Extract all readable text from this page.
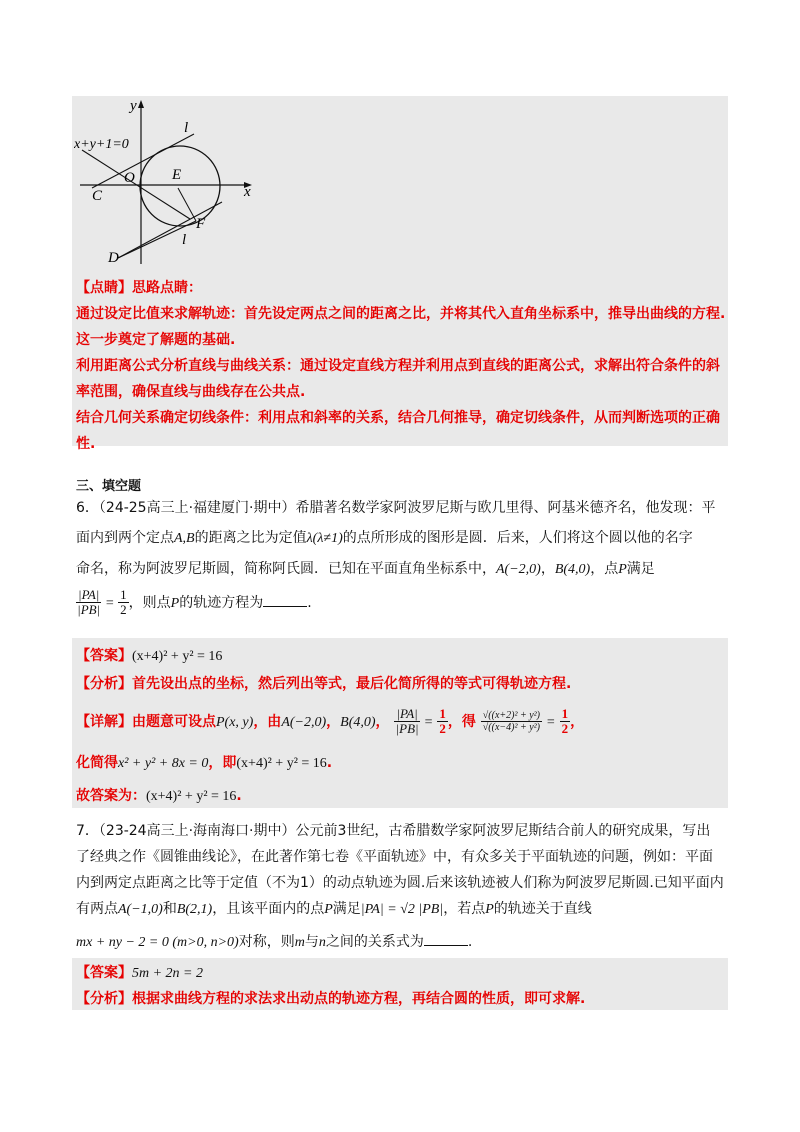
y
x+y+1=0
O
C
E
x
l
F
l
D
【点睛】思路点睛：
通过设定比值来求解轨迹：首先设定两点之间的距离之比，并将其代入直角坐标系中，推导出曲线的方程.
这一步奠定了解题的基础.
利用距离公式分析直线与曲线关系：通过设定直线方程并利用点到直线的距离公式，求解出符合条件的斜
率范围，确保直线与曲线存在公共点.
结合几何关系确定切线条件：利用点和斜率的关系，结合几何推导，确定切线条件，从而判断选项的正确
性.
三、填空题
6．（24-25高三上·福建厦门·期中）希腊著名数学家阿波罗尼斯与欧几里得、阿基米德齐名，他发现：平
面内到两个定点A,B的距离之比为定值λ(λ≠1)的点所形成的图形是圆．后来，人们将这个圆以他的名字
命名，称为阿波罗尼斯圆，简称阿氏圆．已知在平面直角坐标系中，A(−2,0)，B(4,0)，点P满足
$\frac{|PA|}{|PB|} = \frac{1}{2}$ ，则点P的轨迹方程为	.
【答案】(x+4)² + y² = 16
【分析】首先设出点的坐标，然后列出等式，最后化简所得的等式可得轨迹方程.
【详解】由题意可设点P(x, y)，由A(−2,0)，B(4,0)， $\frac{|PA|}{|PB|} = \frac{1}{2}$ ，得 $\frac{\text{√((x+2)² + y²)}}{\text{√((x−4)² + y²)}} = \frac{1}{2}$ ，
化简得x² + y² + 8x = 0，即(x+4)² + y² = 16.
故答案为：(x+4)² + y² = 16.
7．（23-24高三上·海南海口·期中）公元前3世纪，古希腊数学家阿波罗尼斯结合前人的研究成果，写出
了经典之作《圆锥曲线论》，在此著作第七卷《平面轨迹》中，有众多关于平面轨迹的问题，例如：平面
内到两定点距离之比等于定值（不为1）的动点轨迹为圆.后来该轨迹被人们称为阿波罗尼斯圆.已知平面内
有两点A(−1,0)和B(2,1)，且该平面内的点P满足|PA| = √2 |PB|，若点P的轨迹关于直线
mx + ny − 2 = 0 (m>0, n>0)对称，则m与n之间的关系式为	.
【答案】5m + 2n = 2
【分析】根据求曲线方程的求法求出动点的轨迹方程，再结合圆的性质，即可求解.
